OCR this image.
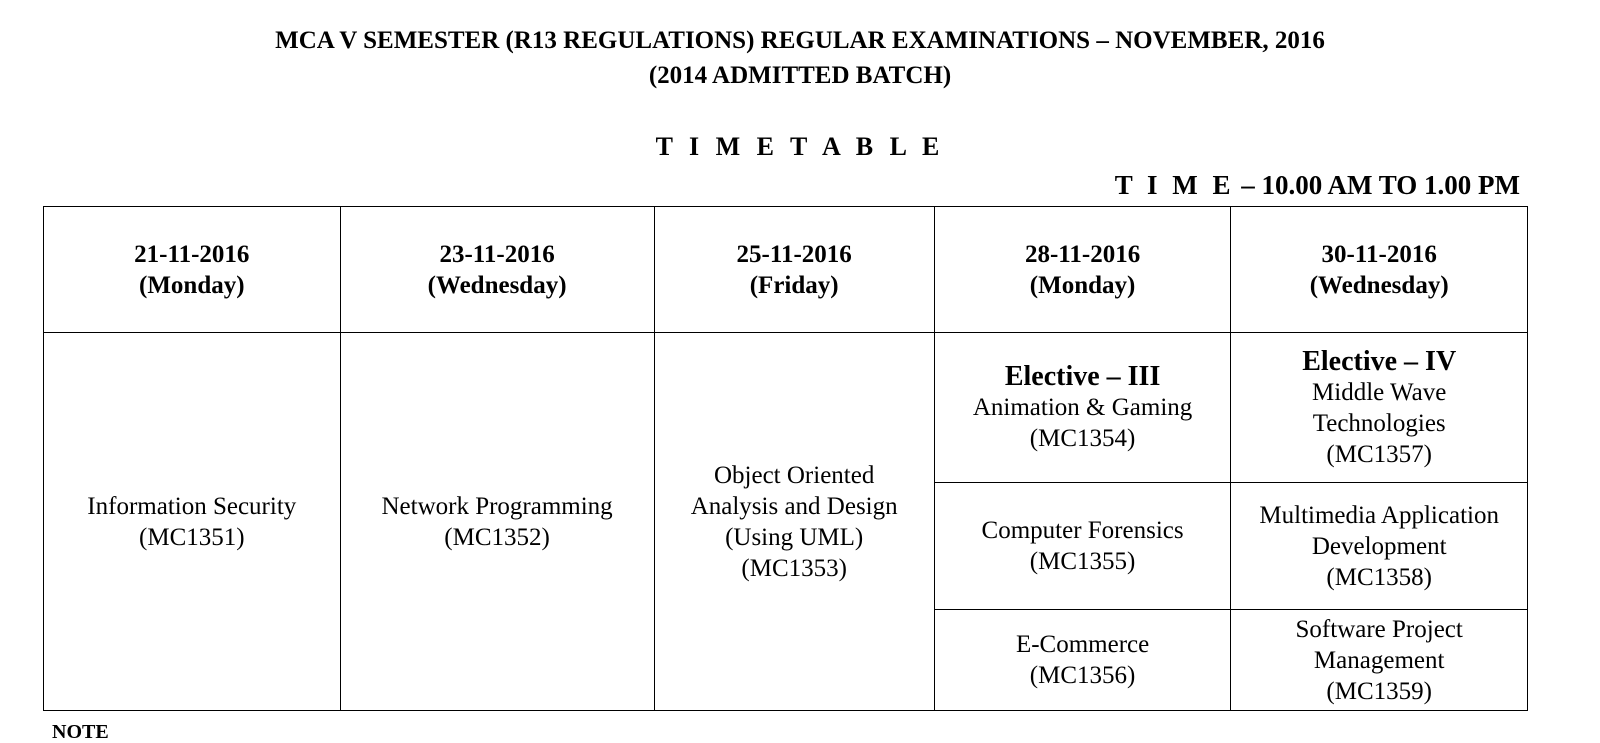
MCA V SEMESTER (R13 REGULATIONS) REGULAR EXAMINATIONS – NOVEMBER, 2016

(2014 ADMITTED BATCH)

T I M E T A B L E

T I M E – 10.00 AM TO 1.00 PM

21-11-2016
(Monday)	23-11-2016
(Wednesday)	25-11-2016
(Friday)	28-11-2016
(Monday)	30-11-2016
(Wednesday)

Information Security
(MC1351)	Network Programming
(MC1352)	Object Oriented
Analysis and Design
(Using UML)
(MC1353)	Elective – III
Animation & Gaming
(MC1354)	Elective – IV
Middle Wave
Technologies
(MC1357)

			Computer Forensics
(MC1355)	Multimedia Application
Development
(MC1358)

			E-Commerce
(MC1356)	Software Project
Management
(MC1359)

NOTE
